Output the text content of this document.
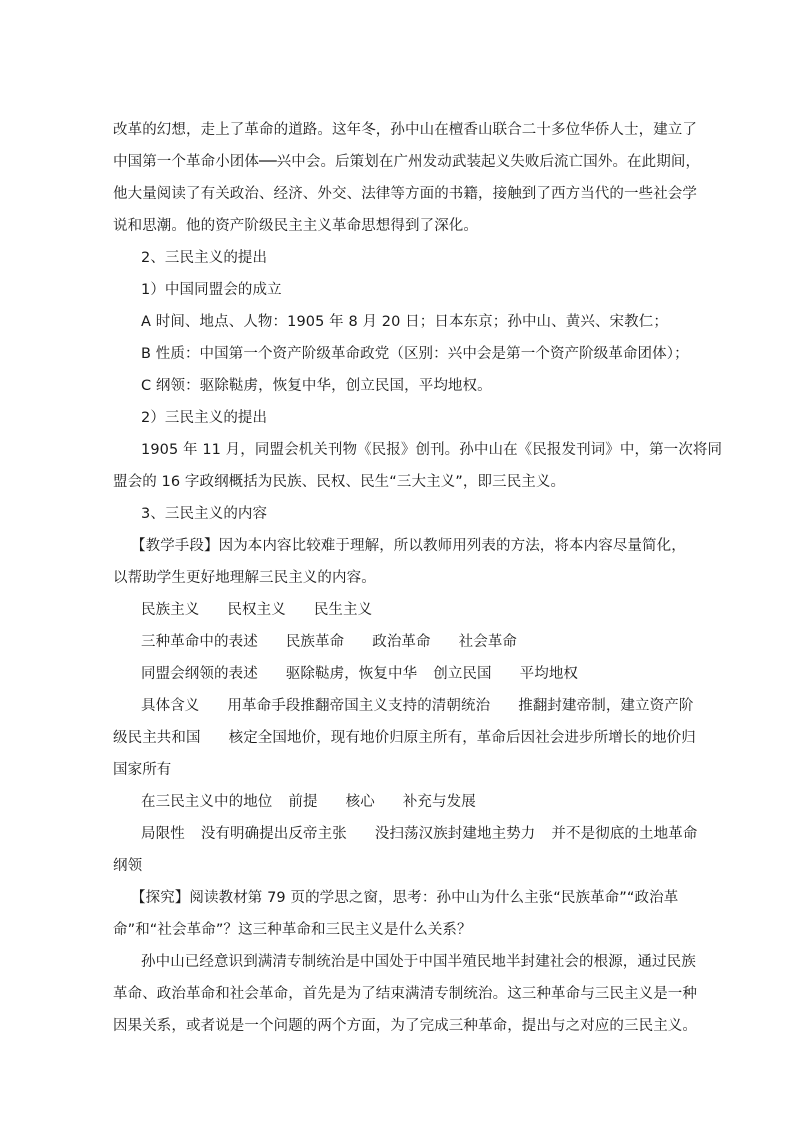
改革的幻想，走上了革命的道路。这年冬，孙中山在檀香山联合二十多位华侨人士，建立了
中国第一个革命小团体──兴中会。后策划在广州发动武装起义失败后流亡国外。在此期间，
他大量阅读了有关政治、经济、外交、法律等方面的书籍，接触到了西方当代的一些社会学
说和思潮。他的资产阶级民主主义革命思想得到了深化。
2、三民主义的提出
1）中国同盟会的成立
A 时间、地点、人物：1905 年 8 月 20 日；日本东京；孙中山、黄兴、宋教仁；
B 性质：中国第一个资产阶级革命政党（区别：兴中会是第一个资产阶级革命团体）；
C 纲领：驱除鞑虏，恢复中华，创立民国，平均地权。
2）三民主义的提出
1905 年 11 月，同盟会机关刊物《民报》创刊。孙中山在《民报发刊词》中，第一次将同
盟会的 16 字政纲概括为民族、民权、民生“三大主义”，即三民主义。
3、三民主义的内容
【教学手段】因为本内容比较难于理解，所以教师用列表的方法，将本内容尽量简化，
以帮助学生更好地理解三民主义的内容。
民族主义 民权主义 民生主义
三种革命中的表述 民族革命 政治革命 社会革命
同盟会纲领的表述 驱除鞑虏，恢复中华 创立民国 平均地权
具体含义 用革命手段推翻帝国主义支持的清朝统治 推翻封建帝制，建立资产阶
级民主共和国 核定全国地价，现有地价归原主所有，革命后因社会进步所增长的地价归
国家所有
在三民主义中的地位 前提 核心 补充与发展
局限性 没有明确提出反帝主张 没扫荡汉族封建地主势力 并不是彻底的土地革命
纲领
【探究】阅读教材第 79 页的学思之窗，思考：孙中山为什么主张“民族革命”“政治革
命”和“社会革命”？这三种革命和三民主义是什么关系？
孙中山已经意识到满清专制统治是中国处于中国半殖民地半封建社会的根源，通过民族
革命、政治革命和社会革命，首先是为了结束满清专制统治。这三种革命与三民主义是一种
因果关系，或者说是一个问题的两个方面，为了完成三种革命，提出与之对应的三民主义。
